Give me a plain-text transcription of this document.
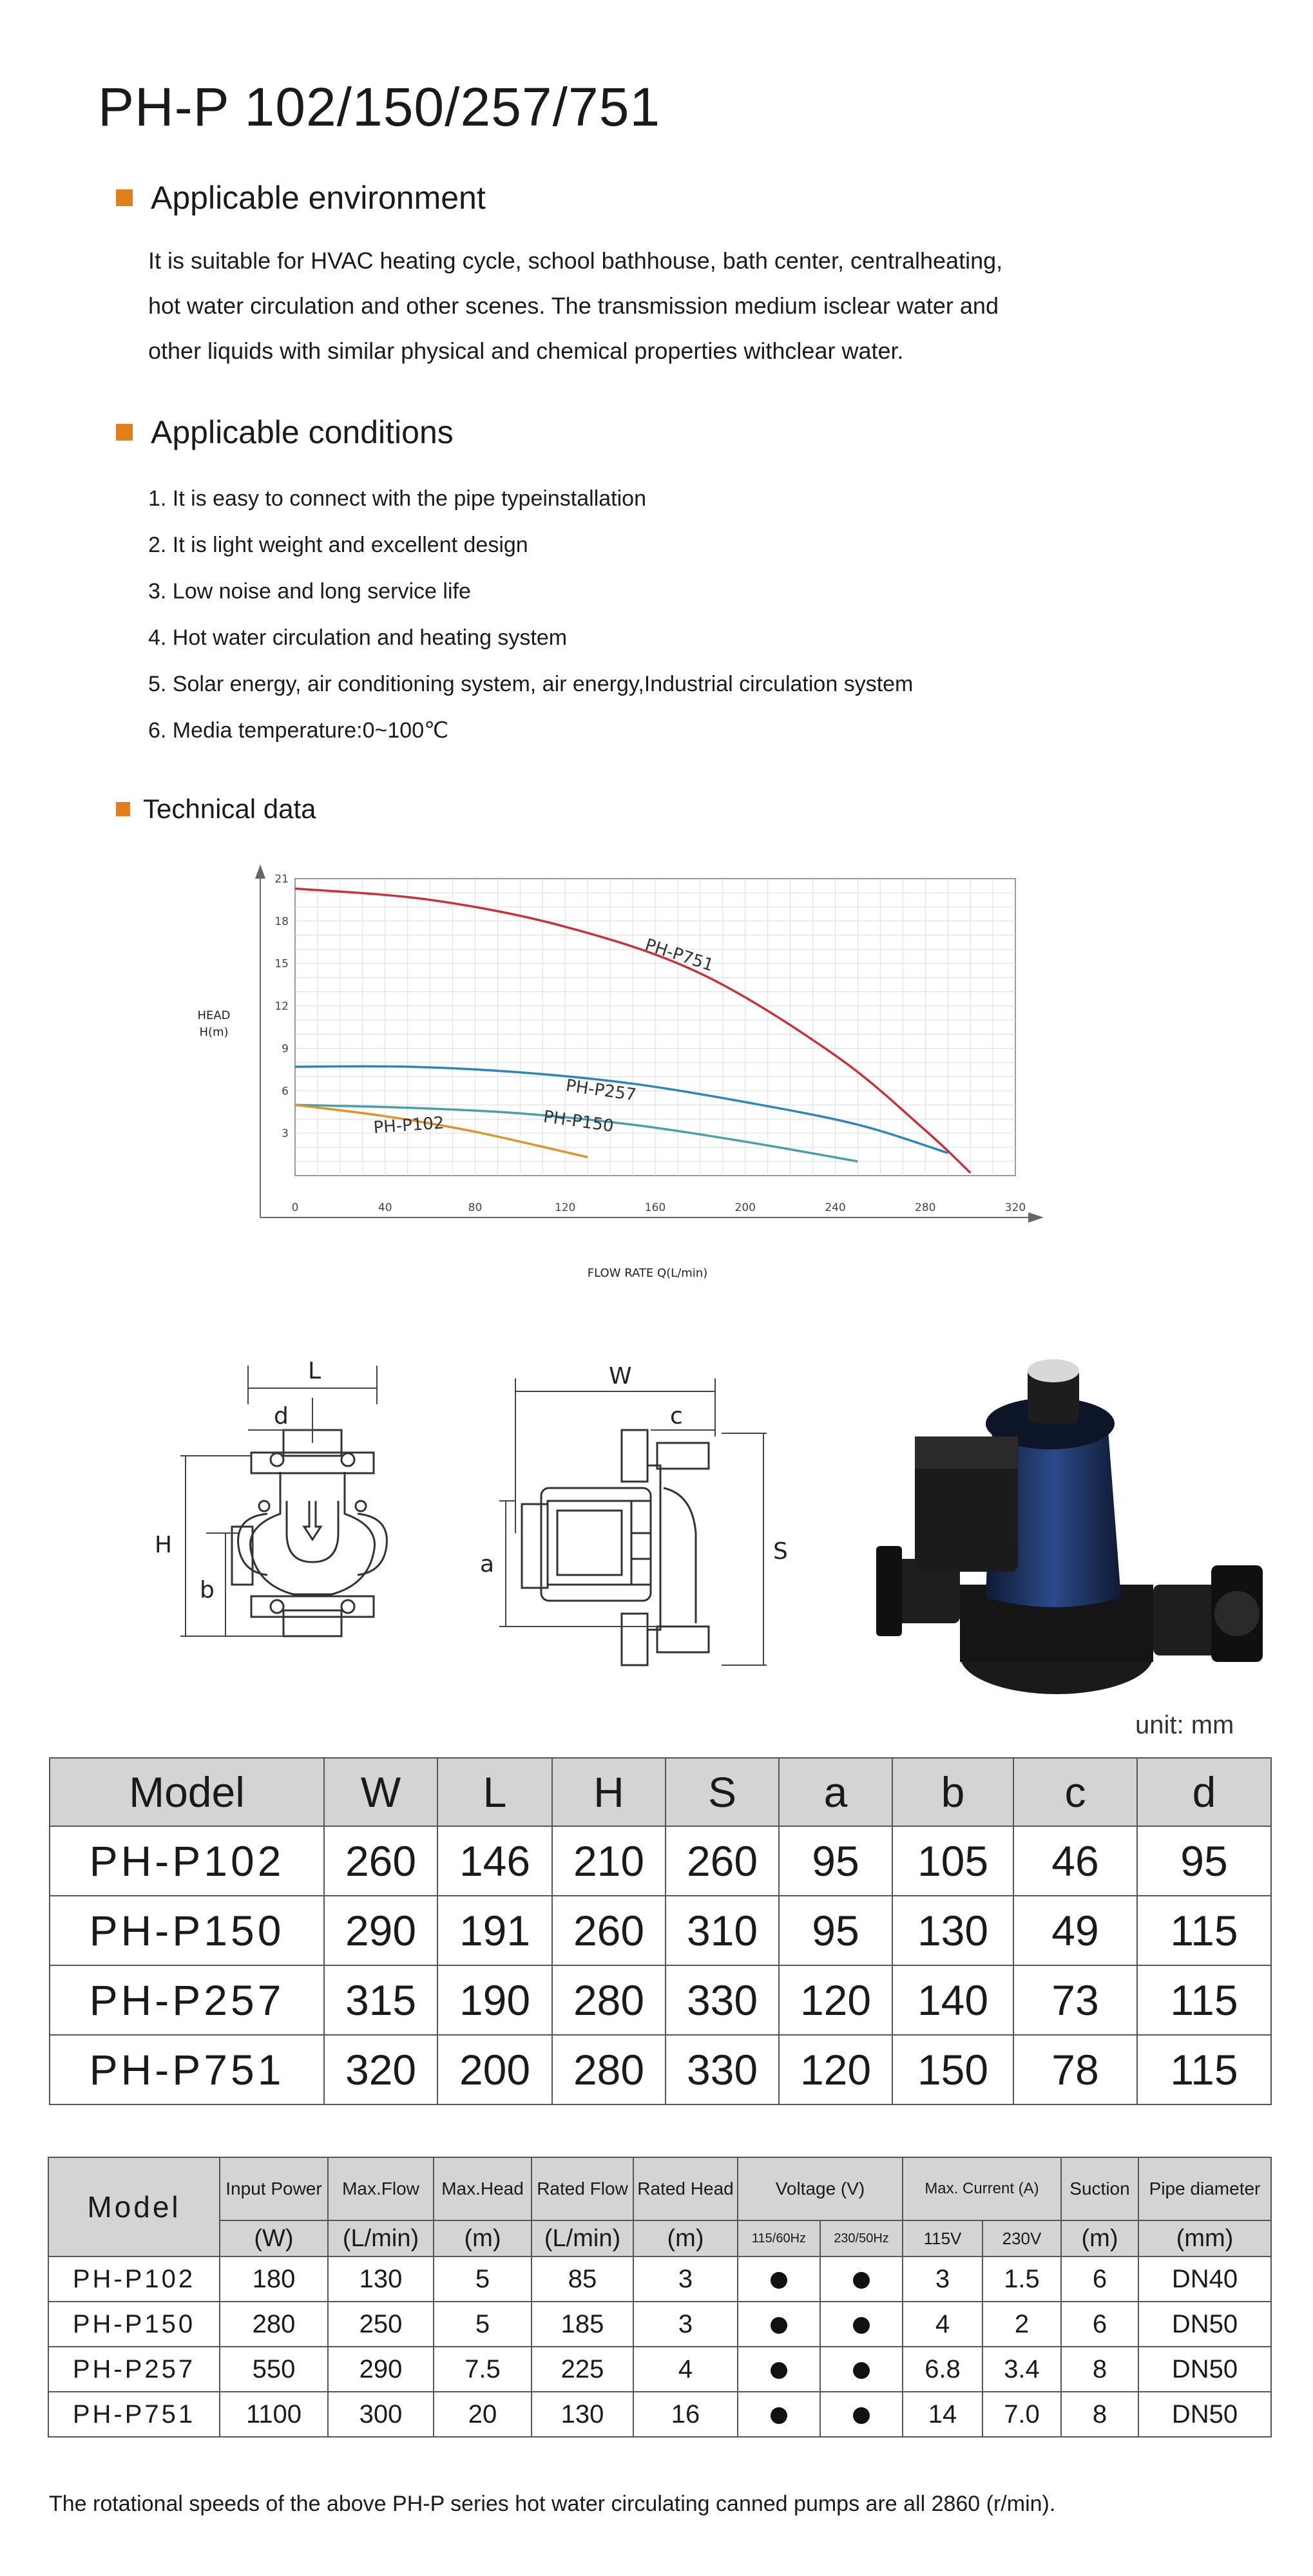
PH-P 102/150/257/751
Applicable environment
It is suitable for HVAC heating cycle, school bathhouse, bath center, centralheating,
hot water circulation and other scenes. The transmission medium isclear water and
other liquids with similar physical and chemical properties withclear water.
Applicable conditions
1. It is easy to connect with the pipe typeinstallation
2. It is light weight and excellent design
3. Low noise and long service life
4. Hot water circulation and heating system
5. Solar energy, air conditioning system, air energy,Industrial circulation system
6. Media temperature:0~100℃
Technical data
0	40	80	120	160	200	240	280	320
3
6
9
12
15
18
21
HEAD
H(m)
FLOW RATE Q(L/min)
PH-P751
PH-P257
PH-P150
PH-P102
L
d
H
b
W
c
a	S
unit: mm
Model	W	L	H	S	a	b	c	d
PH-P102	260	146	210	260	95	105	46	95
PH-P150	290	191	260	310	95	130	49	115
PH-P257	315	190	280	330	120	140	73	115
PH-P751	320	200	280	330	120	150	78	115
Model	Input Power	Max.Flow	Max.Head	Rated Flow	Rated Head	Voltage (V)		Max. Current (A)		Suction	Pipe diameter
	(W)	(L/min)	(m)	(L/min)	(m)	115/60Hz	230/50Hz	115V	230V	(m)	(mm)
PH-P102	180	130	5	85	3			3	1.5	6	DN40
PH-P150	280	250	5	185	3			4	2	6	DN50
PH-P257	550	290	7.5	225	4			6.8	3.4	8	DN50
PH-P751	1100	300	20	130	16			14	7.0	8	DN50
The rotational speeds of the above PH-P series hot water circulating canned pumps are all 2860 (r/min).
